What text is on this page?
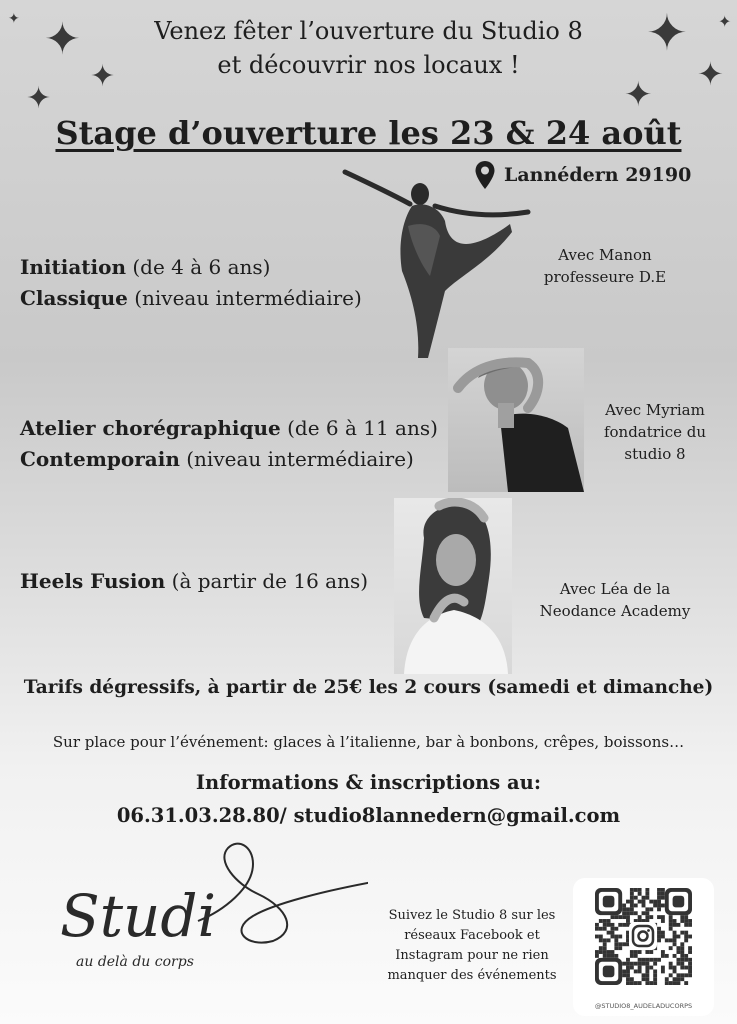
✦
✦
✦
✦	✦
✦
✦
✦
Venez fêter l’ouverture du Studio 8
et découvrir nos locaux !
Stage d’ouverture les 23 & 24 août
Lannédern 29190
Initiation (de 4 à 6 ans)
Classique (niveau intermédiaire)
Avec Manon
professeure D.E
Atelier chorégraphique (de 6 à 11 ans)
Contemporain (niveau intermédiaire)
Avec Myriam
fondatrice du
studio 8
Heels Fusion (à partir de 16 ans)	Avec Léa de la
Neodance Academy
Tarifs dégressifs, à partir de 25€ les 2 cours (samedi et dimanche)
Sur place pour l’événement: glaces à l’italienne, bar à bonbons, crêpes, boissons…
Informations & inscriptions au:
06.31.03.28.80/ studio8lannedern@gmail.com
Studi
au delà du corps
Suivez le Studio 8 sur les
réseaux Facebook et
Instagram pour ne rien
manquer des événements
@STUDIO8_AUDELADUCORPS
